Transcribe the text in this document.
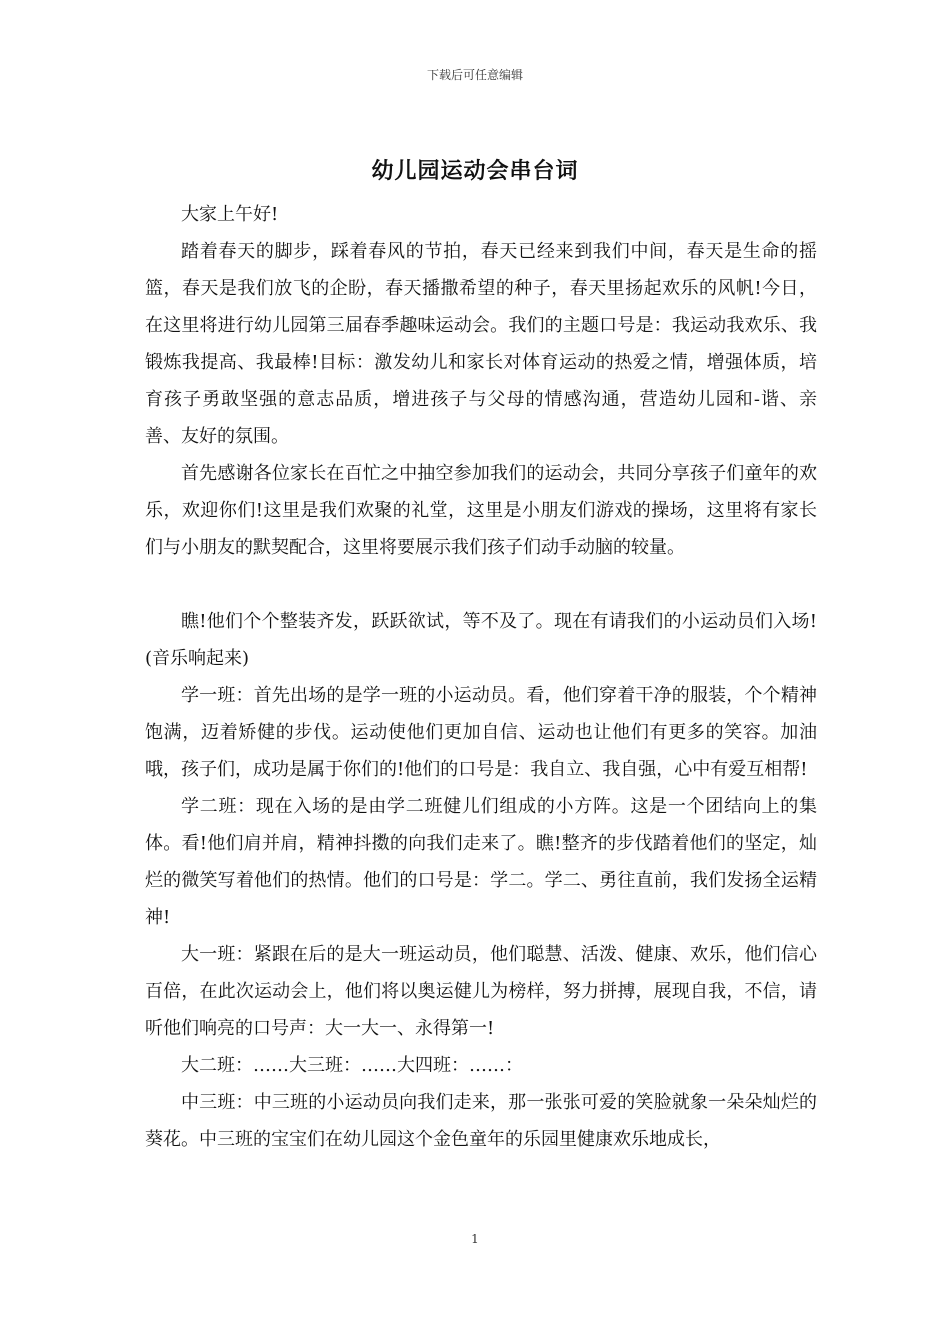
下载后可任意编辑
幼儿园运动会串台词

大家上午好!

踏着春天的脚步，踩着春风的节拍，春天已经来到我们中间，春天是生命的摇篮，春天是我们放飞的企盼，春天播撒希望的种子，春天里扬起欢乐的风帆!今日，在这里将进行幼儿园第三届春季趣味运动会。我们的主题口号是：我运动我欢乐、我锻炼我提高、我最棒!目标：激发幼儿和家长对体育运动的热爱之情，增强体质，培育孩子勇敢坚强的意志品质，增进孩子与父母的情感沟通，营造幼儿园和-谐、亲善、友好的氛围。

首先感谢各位家长在百忙之中抽空参加我们的运动会，共同分享孩子们童年的欢乐，欢迎你们!这里是我们欢聚的礼堂，这里是小朋友们游戏的操场，这里将有家长们与小朋友的默契配合，这里将要展示我们孩子们动手动脑的较量。

瞧!他们个个整装齐发，跃跃欲试，等不及了。现在有请我们的小运动员们入场!(音乐响起来)

学一班：首先出场的是学一班的小运动员。看，他们穿着干净的服装，个个精神饱满，迈着矫健的步伐。运动使他们更加自信、运动也让他们有更多的笑容。加油哦，孩子们，成功是属于你们的!他们的口号是：我自立、我自强，心中有爱互相帮!

学二班：现在入场的是由学二班健儿们组成的小方阵。这是一个团结向上的集体。看!他们肩并肩，精神抖擞的向我们走来了。瞧!整齐的步伐踏着他们的坚定，灿烂的微笑写着他们的热情。他们的口号是：学二。学二、勇往直前，我们发扬全运精神!

大一班：紧跟在后的是大一班运动员，他们聪慧、活泼、健康、欢乐，他们信心百倍，在此次运动会上，他们将以奥运健儿为榜样，努力拼搏，展现自我，不信，请听他们响亮的口号声：大一大一、永得第一!

大二班：……大三班：……大四班：……：

中三班：中三班的小运动员向我们走来，那一张张可爱的笑脸就象一朵朵灿烂的葵花。中三班的宝宝们在幼儿园这个金色童年的乐园里健康欢乐地成长，

1
